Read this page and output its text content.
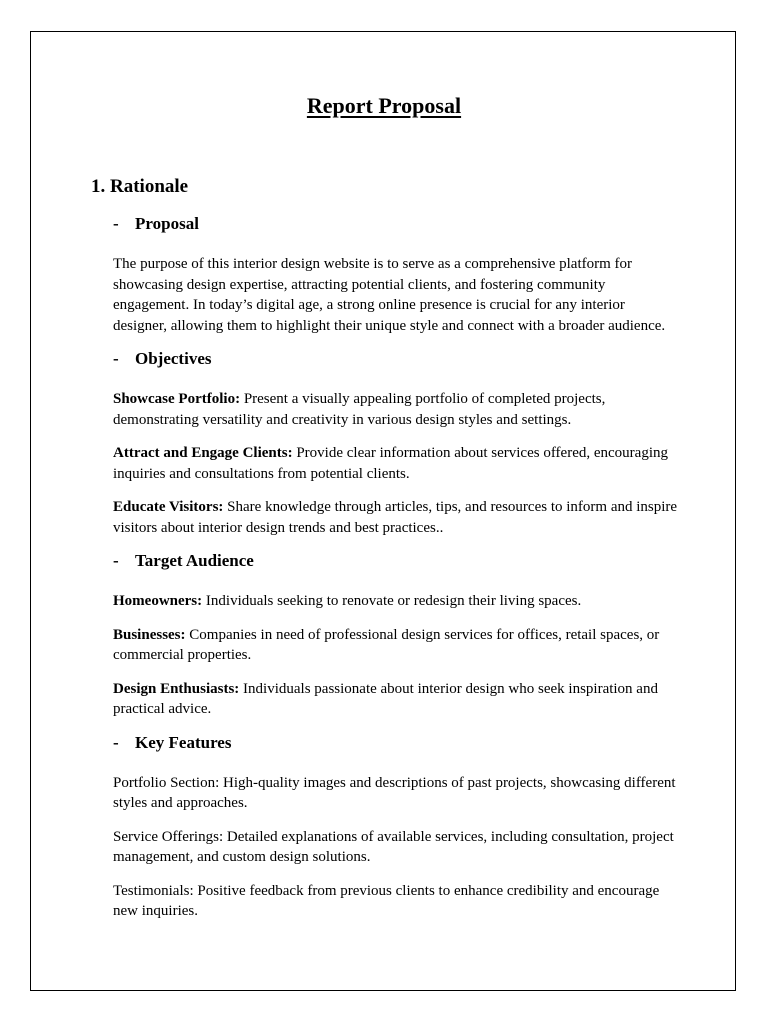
Report Proposal
1. Rationale
- Proposal

The purpose of this interior design website is to serve as a comprehensive platform for showcasing design expertise, attracting potential clients, and fostering community engagement. In today’s digital age, a strong online presence is crucial for any interior designer, allowing them to highlight their unique style and connect with a broader audience.

- Objectives

Showcase Portfolio: Present a visually appealing portfolio of completed projects, demonstrating versatility and creativity in various design styles and settings.

Attract and Engage Clients: Provide clear information about services offered, encouraging inquiries and consultations from potential clients.

Educate Visitors: Share knowledge through articles, tips, and resources to inform and inspire visitors about interior design trends and best practices..

- Target Audience

Homeowners: Individuals seeking to renovate or redesign their living spaces.

Businesses: Companies in need of professional design services for offices, retail spaces, or commercial properties.

Design Enthusiasts: Individuals passionate about interior design who seek inspiration and practical advice.

- Key Features

Portfolio Section: High-quality images and descriptions of past projects, showcasing different styles and approaches.

Service Offerings: Detailed explanations of available services, including consultation, project management, and custom design solutions.

Testimonials: Positive feedback from previous clients to enhance credibility and encourage new inquiries.
